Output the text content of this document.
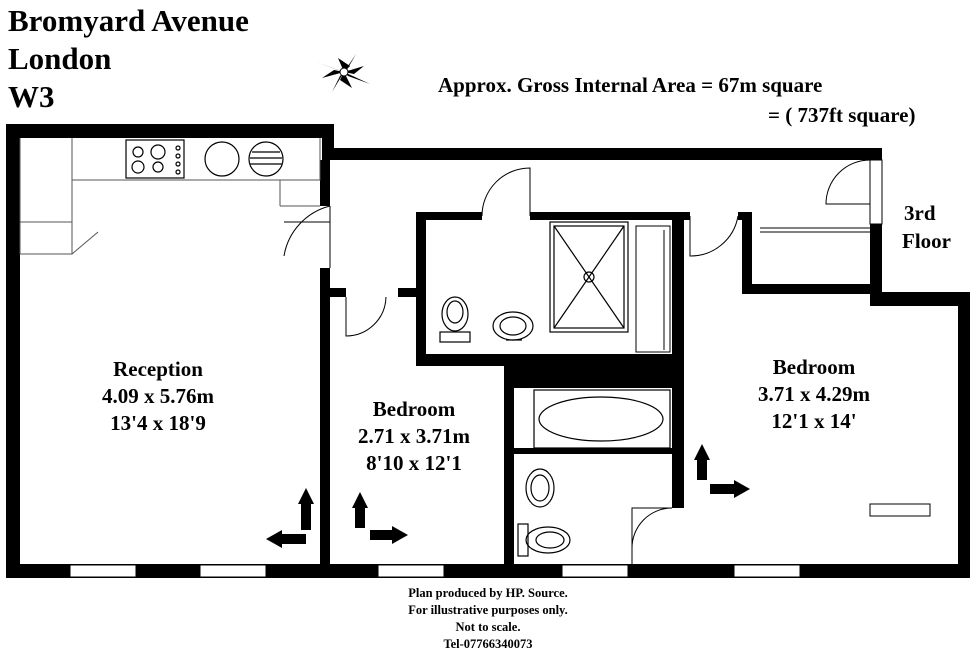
Bromyard Avenue
London
W3	Approx. Gross Internal Area = 67m square
= ( 737ft square)
3rd
Floor
Reception
4.09 x 5.76m
13'4 x 18'9
Bedroom
2.71 x 3.71m
8'10 x 12'1
Bedroom
3.71 x 4.29m
12'1 x 14'
Plan produced by HP. Source.
For illustrative purposes only.
Not to scale.
Tel-07766340073
